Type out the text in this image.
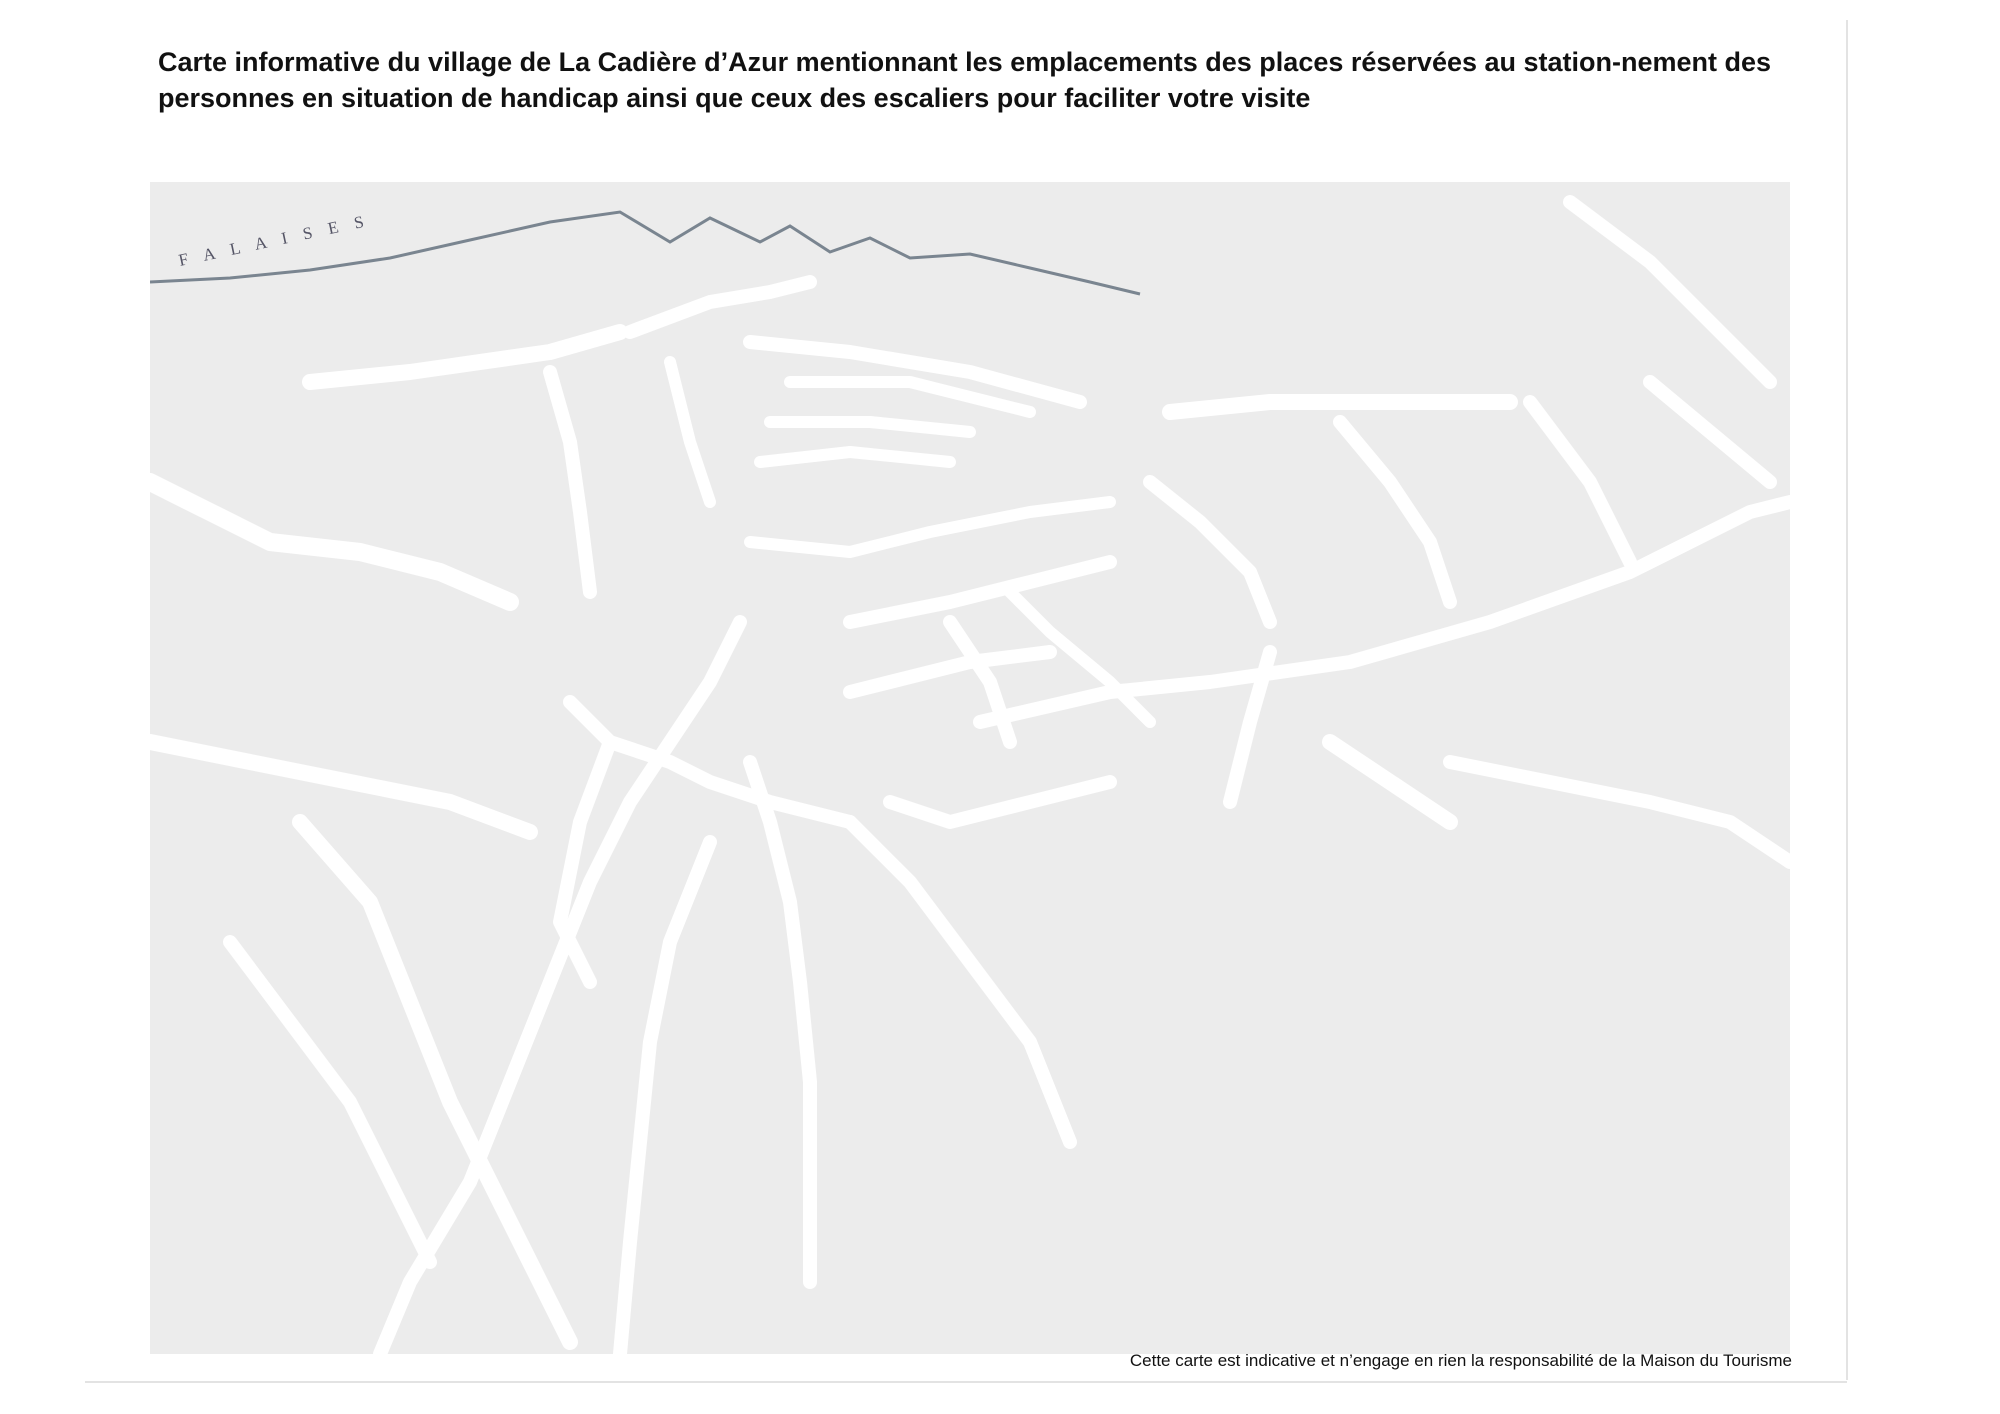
Carte informative du village de La Cadière d’Azur mentionnant les emplacements des places réservées au station-nement des personnes en situation de handicap ainsi que ceux des escaliers pour faciliter votre visite
F A L A I S E S
Cette carte est indicative et n’engage en rien la responsabilité de la Maison du Tourisme
